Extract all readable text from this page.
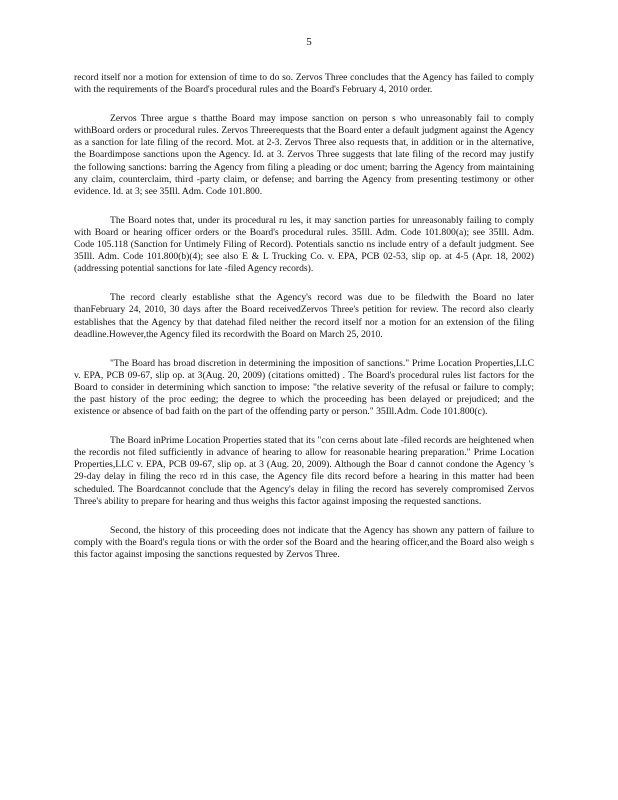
5

record itself nor a motion for extension of time to do so. Zervos Three concludes that the Agency has failed to comply with the requirements of the Board's procedural rules and the Board's February 4, 2010 order.

Zervos Three argue s thatthe Board may impose sanction on person s who unreasonably fail to comply withBoard orders or procedural rules. Zervos Threerequests that the Board enter a default judgment against the Agency as a sanction for late filing of the record. Mot. at 2-3. Zervos Three also requests that, in addition or in the alternative, the Boardimpose sanctions upon the Agency. Id. at 3. Zervos Three suggests that late filing of the record may justify the following sanctions: barring the Agency from filing a pleading or doc ument; barring the Agency from maintaining any claim, counterclaim, third -party claim, or defense; and barring the Agency from presenting testimony or other evidence. Id. at 3; see 35Ill. Adm. Code 101.800.

The Board notes that, under its procedural ru les, it may sanction parties for unreasonably failing to comply with Board or hearing officer orders or the Board's procedural rules. 35Ill. Adm. Code 101.800(a); see 35Ill. Adm. Code 105.118 (Sanction for Untimely Filing of Record). Potentials sanctio ns include entry of a default judgment. See 35Ill. Adm. Code 101.800(b)(4); see also E & L Trucking Co. v. EPA, PCB 02-53, slip op. at 4-5 (Apr. 18, 2002) (addressing potential sanctions for late -filed Agency records).

The record clearly establishe sthat the Agency's record was due to be filedwith the Board no later thanFebruary 24, 2010, 30 days after the Board receivedZervos Three's petition for review. The record also clearly establishes that the Agency by that datehad filed neither the record itself nor a motion for an extension of the filing deadline.However,the Agency filed its recordwith the Board on March 25, 2010.

"The Board has broad discretion in determining the imposition of sanctions." Prime Location Properties,LLC v. EPA, PCB 09-67, slip op. at 3(Aug. 20, 2009) (citations omitted) . The Board's procedural rules list factors for the Board to consider in determining which sanction to impose: "the relative severity of the refusal or failure to comply; the past history of the proc eeding; the degree to which the proceeding has been delayed or prejudiced; and the existence or absence of bad faith on the part of the offending party or person." 35Ill.Adm. Code 101.800(c).

The Board inPrime Location Properties stated that its "con cerns about late -filed records are heightened when the recordis not filed sufficiently in advance of hearing to allow for reasonable hearing preparation." Prime Location Properties,LLC v. EPA, PCB 09-67, slip op. at 3 (Aug. 20, 2009). Although the Boar d cannot condone the Agency 's 29-day delay in filing the reco rd in this case, the Agency file dits record before a hearing in this matter had been scheduled. The Boardcannot conclude that the Agency's delay in filing the record has severely compromised Zervos Three's ability to prepare for hearing and thus weighs this factor against imposing the requested sanctions.

Second, the history of this proceeding does not indicate that the Agency has shown any pattern of failure to comply with the Board's regula tions or with the order sof the Board and the hearing officer,and the Board also weigh s this factor against imposing the sanctions requested by Zervos Three.
